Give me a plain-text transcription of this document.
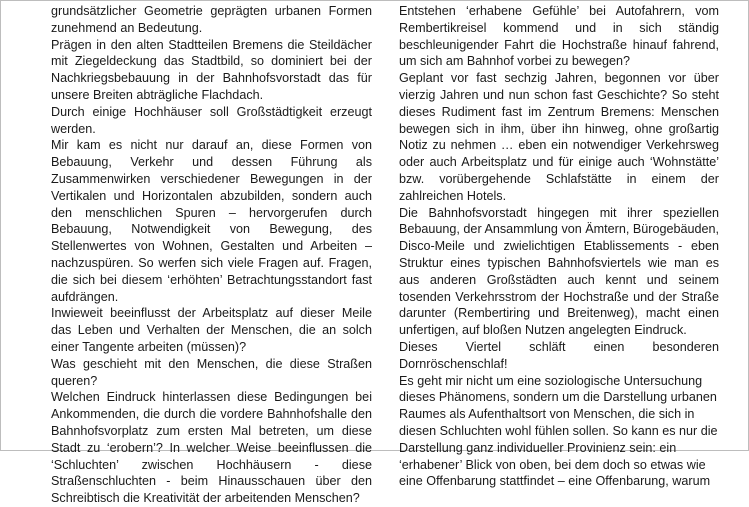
grundsätzlicher Geometrie geprägten urbanen Formen zunehmend an Bedeutung.

Prägen in den alten Stadtteilen Bremens die Steildächer mit Ziegeldeckung das Stadtbild, so dominiert bei der Nachkriegsbebauung in der Bahnhofsvorstadt das für unsere Breiten abträgliche Flachdach.

Durch einige Hochhäuser soll Großstädtigkeit erzeugt werden.

Mir kam es nicht nur darauf an, diese Formen von Bebauung, Verkehr und dessen Führung als Zusammenwirken verschiedener Bewegungen in der Vertikalen und Horizontalen abzubilden, sondern auch den menschlichen Spuren – hervorgerufen durch Bebauung, Notwendigkeit von Bewegung, des Stellenwertes von Wohnen, Gestalten und Arbeiten – nachzuspüren. So werfen sich viele Fragen auf. Fragen, die sich bei diesem ‘erhöhten’ Betrachtungsstandort fast aufdrängen.

Inwieweit beeinflusst der Arbeitsplatz auf dieser Meile das Leben und Verhalten der Menschen, die an solch einer Tangente arbeiten (müssen)?

Was geschieht mit den Menschen, die diese Straßen queren?

Welchen Eindruck hinterlassen diese Bedingungen bei Ankommenden, die durch die vordere Bahnhofshalle den Bahnhofsvorplatz zum ersten Mal betreten, um diese Stadt zu ‘erobern’? In welcher Weise beeinflussen die ‘Schluchten’ zwischen Hochhäusern - diese Straßenschluchten - beim Hinausschauen über den Schreibtisch die Kreativität der arbeitenden Menschen?

Entstehen ‘erhabene Gefühle’ bei Autofahrern, vom Rembertikreisel kommend und in sich ständig beschleunigender Fahrt die Hochstraße hinauf fahrend, um sich am Bahnhof vorbei zu bewegen?

Geplant vor fast sechzig Jahren, begonnen vor über vierzig Jahren und nun schon fast Geschichte? So steht dieses Rudiment fast im Zentrum Bremens: Menschen bewegen sich in ihm, über ihn hinweg, ohne großartig Notiz zu nehmen … eben ein notwendiger Verkehrsweg oder auch Arbeitsplatz und für einige auch ‘Wohnstätte’ bzw. vorübergehende Schlafstätte in einem der zahlreichen Hotels.

Die Bahnhofsvorstadt hingegen mit ihrer speziellen Bebauung, der Ansammlung von Ämtern, Bürogebäuden, Disco-Meile und zwielichtigen Etablissements - eben Struktur eines typischen Bahnhofsviertels wie man es aus anderen Großstädten auch kennt und seinem tosenden Verkehrsstrom der Hochstraße und der Straße darunter (Rembertiring und Breitenweg), macht einen unfertigen, auf bloßen Nutzen angelegten Eindruck.

Dieses Viertel schläft einen besonderen Dornröschenschlaf!

Es geht mir nicht um eine soziologische Untersuchung dieses Phänomens, sondern um die Darstellung urbanen Raumes als Aufenthaltsort von Menschen, die sich in diesen Schluchten wohl fühlen sollen. So kann es nur die Darstellung ganz individueller Provinienz sein: ein ‘erhabener’ Blick von oben, bei dem doch so etwas wie eine Offenbarung stattfindet – eine Offenbarung, warum
